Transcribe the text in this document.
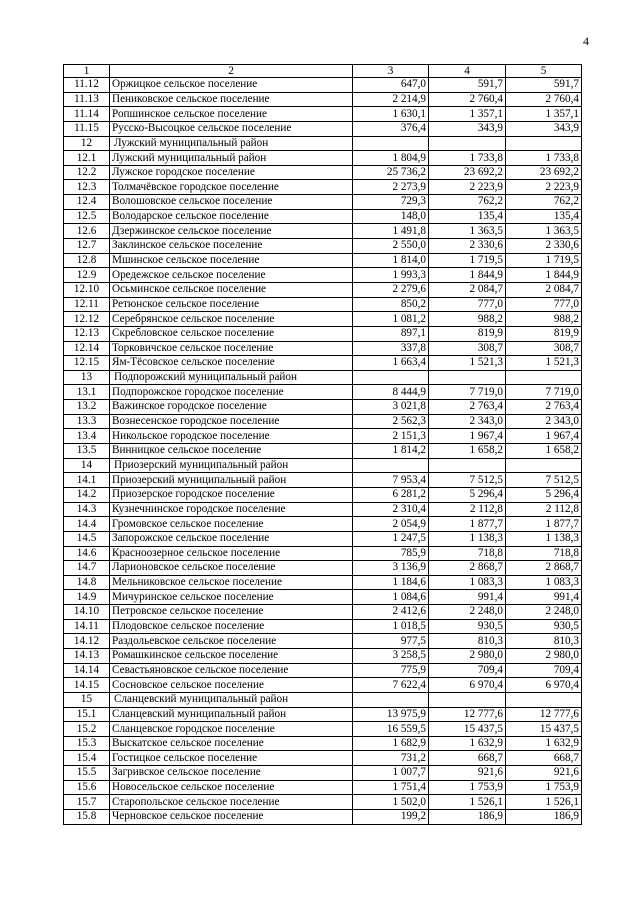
4
1	2	3	4	5
11.12	Оржицкое сельское поселение	647,0	591,7	591,7
11.13	Пениковское сельское поселение	2 214,9	2 760,4	2 760,4
11.14	Ропшинское сельское поселение	1 630,1	1 357,1	1 357,1
11.15	Русско-Высоцкое сельское поселение	376,4	343,9	343,9
12	Лужский муниципальный район			
12.1	Лужский муниципальный район	1 804,9	1 733,8	1 733,8
12.2	Лужское городское поселение	25 736,2	23 692,2	23 692,2
12.3	Толмачёвское городское поселение	2 273,9	2 223,9	2 223,9
12.4	Волошовское сельское поселение	729,3	762,2	762,2
12.5	Володарское сельское поселение	148,0	135,4	135,4
12.6	Дзержинское сельское поселение	1 491,8	1 363,5	1 363,5
12.7	Заклинское сельское поселение	2 550,0	2 330,6	2 330,6
12.8	Мшинское сельское поселение	1 814,0	1 719,5	1 719,5
12.9	Оредежское сельское поселение	1 993,3	1 844,9	1 844,9
12.10	Осьминское сельское поселение	2 279,6	2 084,7	2 084,7
12.11	Ретюнское сельское поселение	850,2	777,0	777,0
12.12	Серебрянское сельское поселение	1 081,2	988,2	988,2
12.13	Скребловское сельское поселение	897,1	819,9	819,9
12.14	Торковичское сельское поселение	337,8	308,7	308,7
12.15	Ям-Тёсовское сельское поселение	1 663,4	1 521,3	1 521,3
13	Подпорожский муниципальный район			
13.1	Подпорожское городское поселение	8 444,9	7 719,0	7 719,0
13.2	Важинское городское поселение	3 021,8	2 763,4	2 763,4
13.3	Вознесенское городское поселение	2 562,3	2 343,0	2 343,0
13.4	Никольское городское поселение	2 151,3	1 967,4	1 967,4
13.5	Винницкое сельское поселение	1 814,2	1 658,2	1 658,2
14	Приозерский муниципальный район			
14.1	Приозерский муниципальный район	7 953,4	7 512,5	7 512,5
14.2	Приозерское городское поселение	6 281,2	5 296,4	5 296,4
14.3	Кузнечнинское городское поселение	2 310,4	2 112,8	2 112,8
14.4	Громовское сельское поселение	2 054,9	1 877,7	1 877,7
14.5	Запорожское сельское поселение	1 247,5	1 138,3	1 138,3
14.6	Красноозерное сельское поселение	785,9	718,8	718,8
14.7	Ларионовское сельское поселение	3 136,9	2 868,7	2 868,7
14.8	Мельниковское сельское поселение	1 184,6	1 083,3	1 083,3
14.9	Мичуринское сельское поселение	1 084,6	991,4	991,4
14.10	Петровское сельское поселение	2 412,6	2 248,0	2 248,0
14.11	Плодовское сельское поселение	1 018,5	930,5	930,5
14.12	Раздольевское сельское поселение	977,5	810,3	810,3
14.13	Ромашкинское сельское поселение	3 258,5	2 980,0	2 980,0
14.14	Севастьяновское сельское поселение	775,9	709,4	709,4
14.15	Сосновское сельское поселение	7 622,4	6 970,4	6 970,4
15	Сланцевский муниципальный район			
15.1	Сланцевский муниципальный район	13 975,9	12 777,6	12 777,6
15.2	Сланцевское городское поселение	16 559,5	15 437,5	15 437,5
15.3	Выскатское сельское поселение	1 682,9	1 632,9	1 632,9
15.4	Гостицкое сельское поселение	731,2	668,7	668,7
15.5	Загривское сельское поселение	1 007,7	921,6	921,6
15.6	Новосельское сельское поселение	1 751,4	1 753,9	1 753,9
15.7	Старопольское сельское поселение	1 502,0	1 526,1	1 526,1
15.8	Черновское сельское поселение	199,2	186,9	186,9
